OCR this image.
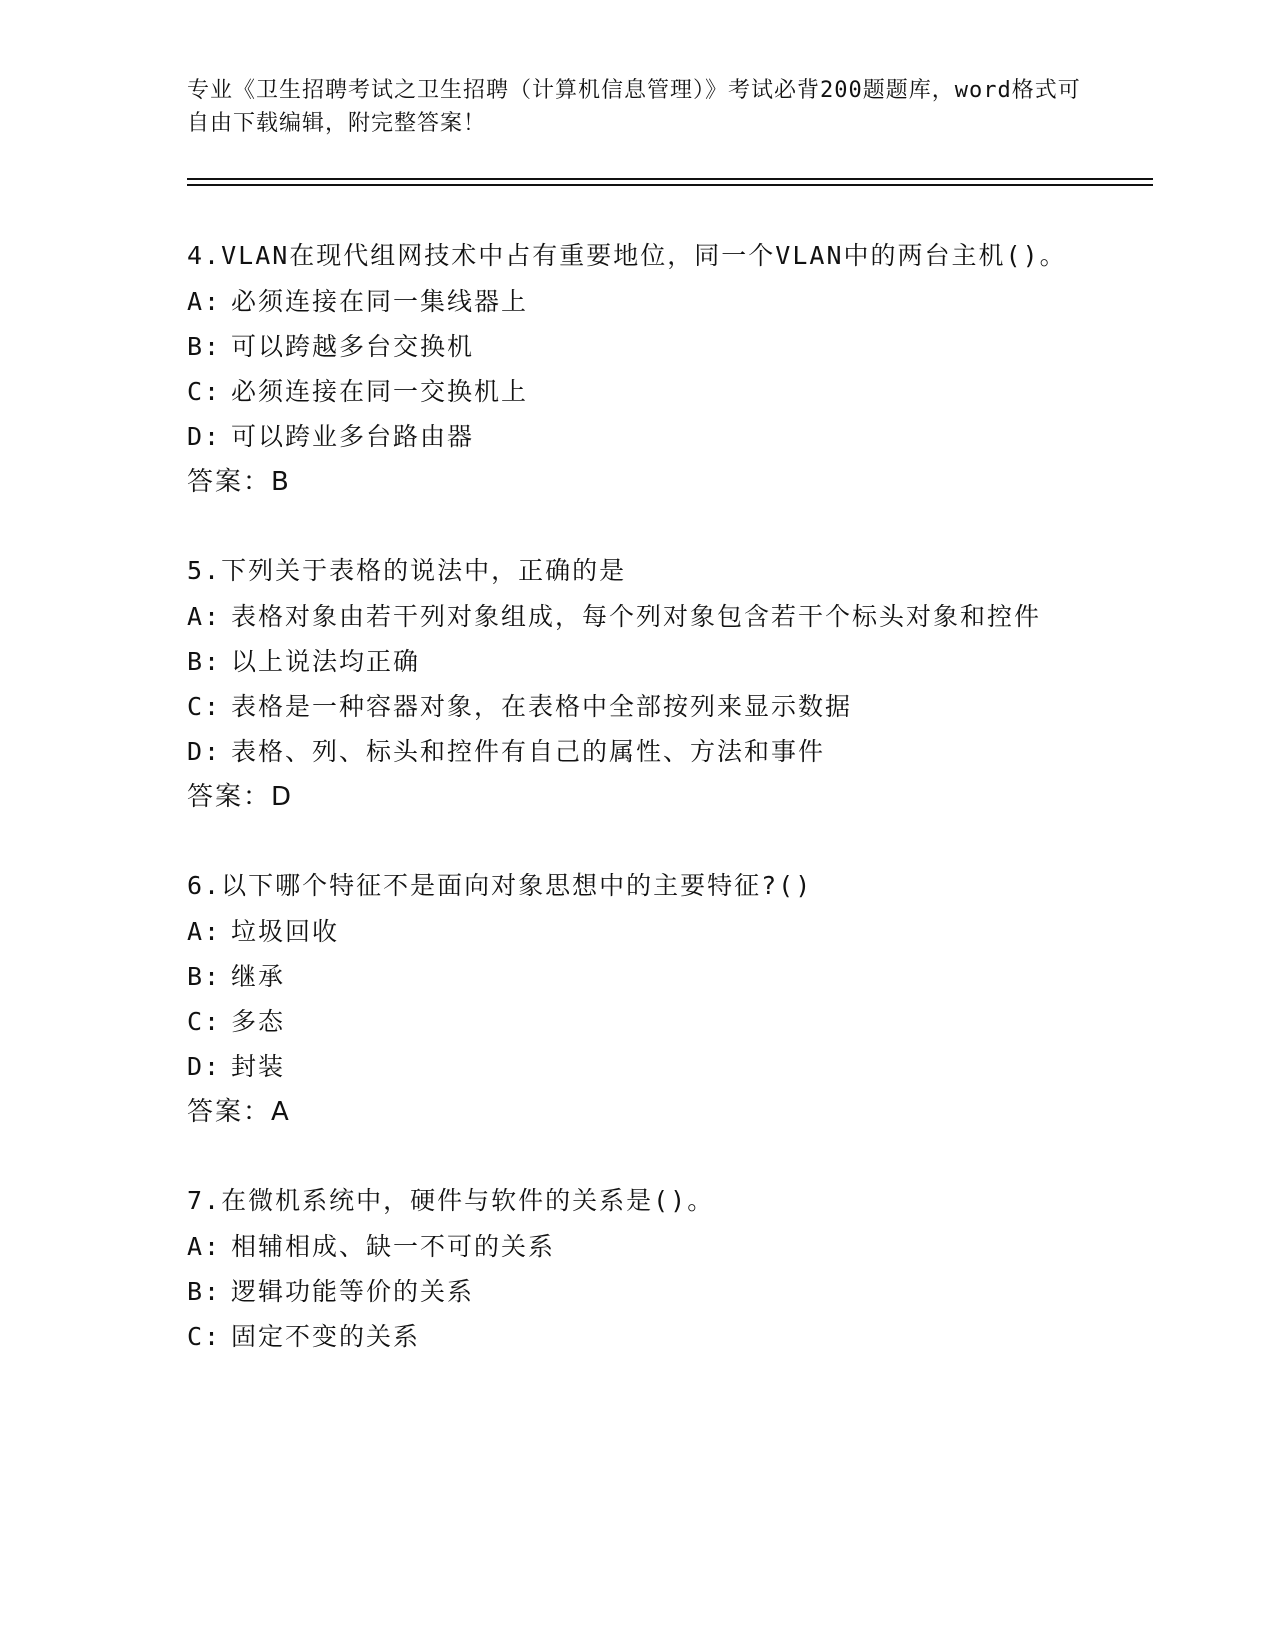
专业《卫生招聘考试之卫生招聘（计算机信息管理）》考试必背200题题库，word格式可自由下载编辑，附完整答案！

4.VLAN在现代组网技术中占有重要地位，同一个VLAN中的两台主机()。

A: 必须连接在同一集线器上

B: 可以跨越多台交换机

C: 必须连接在同一交换机上

D: 可以跨业多台路由器

答案：B

5.下列关于表格的说法中，正确的是

A: 表格对象由若干列对象组成，每个列对象包含若干个标头对象和控件

B: 以上说法均正确

C: 表格是一种容器对象，在表格中全部按列来显示数据

D: 表格、列、标头和控件有自己的属性、方法和事件

答案：D

6.以下哪个特征不是面向对象思想中的主要特征?()

A: 垃圾回收

B: 继承

C: 多态

D: 封装

答案：A

7.在微机系统中，硬件与软件的关系是()。

A: 相辅相成、缺一不可的关系

B: 逻辑功能等价的关系

C: 固定不变的关系
